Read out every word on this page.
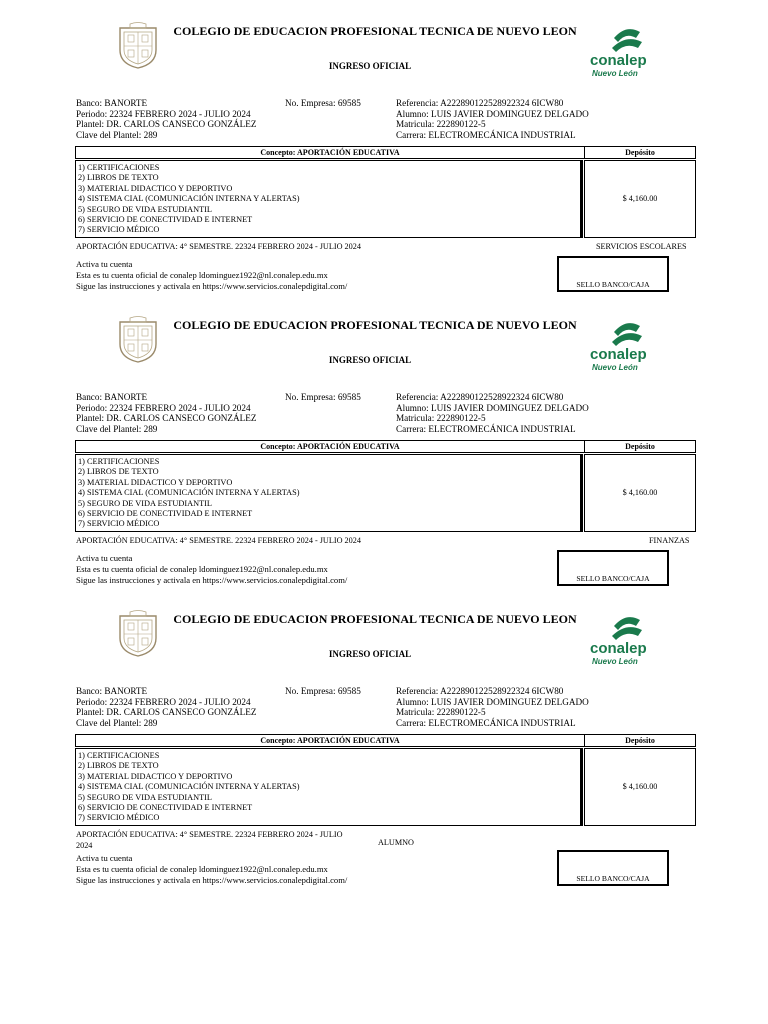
COLEGIO DE EDUCACION PROFESIONAL TECNICA DE NUEVO LEON
INGRESO OFICIAL	conalep
Nuevo León
Banco: BANORTE
Periodo: 22324 FEBRERO 2024 - JULIO 2024
Plantel: DR. CARLOS CANSECO GONZÁLEZ
Clave del Plantel: 289
No. Empresa: 69585	Referencia: A222890122528922324 6ICW80
Alumno: LUIS JAVIER DOMINGUEZ DELGADO
Matricula: 222890122-5
Carrera: ELECTROMECÁNICA INDUSTRIAL
Concepto: APORTACIÓN EDUCATIVA	Depósito
1) CERTIFICACIONES
2) LIBROS DE TEXTO
3) MATERIAL DIDACTICO Y DEPORTIVO
4) SISTEMA CIAL (COMUNICACIÓN INTERNA Y ALERTAS)
5) SEGURO DE VIDA ESTUDIANTIL
6) SERVICIO DE CONECTIVIDAD E INTERNET
7) SERVICIO MÉDICO
$ 4,160.00
APORTACIÓN EDUCATIVA: 4° SEMESTRE. 22324 FEBRERO 2024 - JULIO 2024	SERVICIOS ESCOLARES
Activa tu cuenta
Esta es tu cuenta oficial de conalep ldominguez1922@nl.conalep.edu.mx
Sigue las instrucciones y activala en https://www.servicios.conalepdigital.com/	SELLO BANCO/CAJA
COLEGIO DE EDUCACION PROFESIONAL TECNICA DE NUEVO LEON
INGRESO OFICIAL	conalep
Nuevo León
Banco: BANORTE
Periodo: 22324 FEBRERO 2024 - JULIO 2024
Plantel: DR. CARLOS CANSECO GONZÁLEZ
Clave del Plantel: 289
No. Empresa: 69585	Referencia: A222890122528922324 6ICW80
Alumno: LUIS JAVIER DOMINGUEZ DELGADO
Matricula: 222890122-5
Carrera: ELECTROMECÁNICA INDUSTRIAL
Concepto: APORTACIÓN EDUCATIVA	Depósito
1) CERTIFICACIONES
2) LIBROS DE TEXTO
3) MATERIAL DIDACTICO Y DEPORTIVO
4) SISTEMA CIAL (COMUNICACIÓN INTERNA Y ALERTAS)
5) SEGURO DE VIDA ESTUDIANTIL
6) SERVICIO DE CONECTIVIDAD E INTERNET
7) SERVICIO MÉDICO
$ 4,160.00
APORTACIÓN EDUCATIVA: 4° SEMESTRE. 22324 FEBRERO 2024 - JULIO 2024	FINANZAS
Activa tu cuenta
Esta es tu cuenta oficial de conalep ldominguez1922@nl.conalep.edu.mx
Sigue las instrucciones y activala en https://www.servicios.conalepdigital.com/	SELLO BANCO/CAJA
COLEGIO DE EDUCACION PROFESIONAL TECNICA DE NUEVO LEON
INGRESO OFICIAL	conalep
Nuevo León
Banco: BANORTE
Periodo: 22324 FEBRERO 2024 - JULIO 2024
Plantel: DR. CARLOS CANSECO GONZÁLEZ
Clave del Plantel: 289
No. Empresa: 69585	Referencia: A222890122528922324 6ICW80
Alumno: LUIS JAVIER DOMINGUEZ DELGADO
Matricula: 222890122-5
Carrera: ELECTROMECÁNICA INDUSTRIAL
Concepto: APORTACIÓN EDUCATIVA	Depósito
1) CERTIFICACIONES
2) LIBROS DE TEXTO
3) MATERIAL DIDACTICO Y DEPORTIVO
4) SISTEMA CIAL (COMUNICACIÓN INTERNA Y ALERTAS)
5) SEGURO DE VIDA ESTUDIANTIL
6) SERVICIO DE CONECTIVIDAD E INTERNET
7) SERVICIO MÉDICO
$ 4,160.00
APORTACIÓN EDUCATIVA: 4° SEMESTRE. 22324 FEBRERO 2024 - JULIO
2024	ALUMNO
Activa tu cuenta
Esta es tu cuenta oficial de conalep ldominguez1922@nl.conalep.edu.mx
Sigue las instrucciones y activala en https://www.servicios.conalepdigital.com/	SELLO BANCO/CAJA
